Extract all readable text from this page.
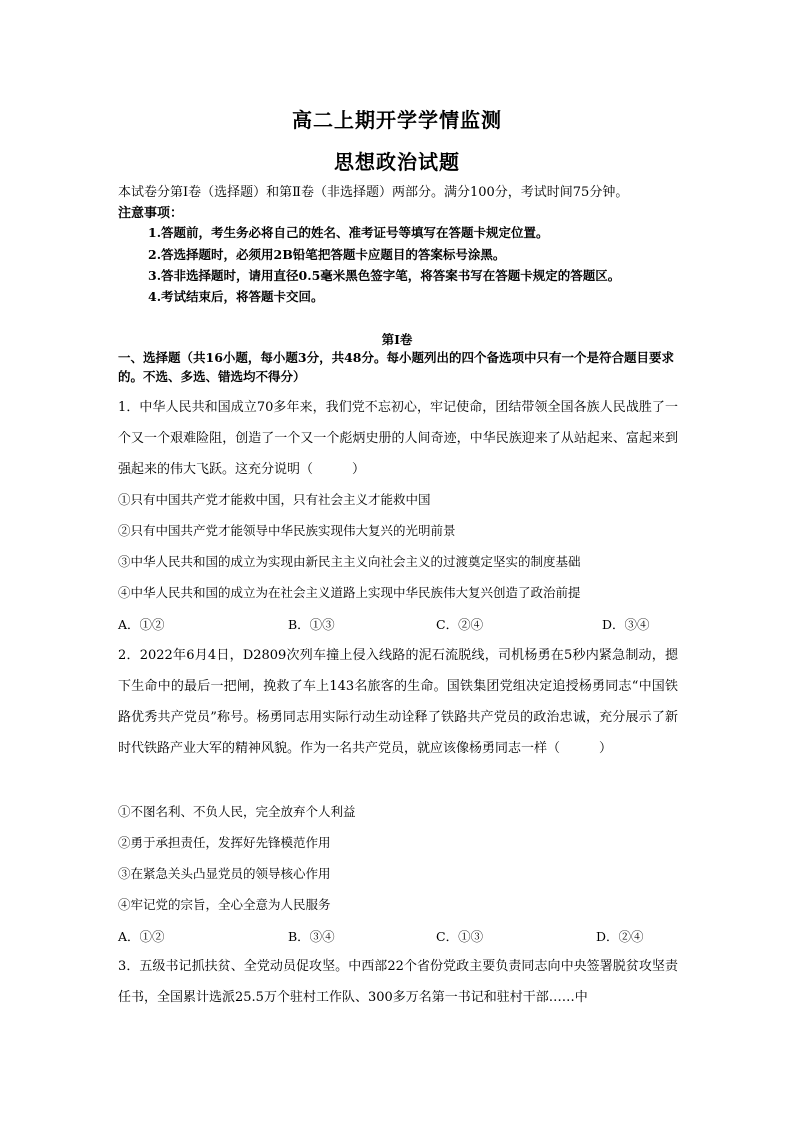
高二上期开学学情监测
思想政治试题
本试卷分第Ⅰ卷（选择题）和第Ⅱ卷（非选择题）两部分。满分100分，考试时间75分钟。
注意事项：
1.答题前，考生务必将自己的姓名、准考证号等填写在答题卡规定位置。
2.答选择题时，必须用2B铅笔把答题卡应题目的答案标号涂黑。
3.答非选择题时，请用直径0.5毫米黑色签字笔，将答案书写在答题卡规定的答题区。
4.考试结束后，将答题卡交回。
第Ⅰ卷
一、选择题（共16小题，每小题3分，共48分。每小题列出的四个备选项中只有一个是符合题目要求的。不选、多选、错选均不得分）
1．中华人民共和国成立70多年来，我们党不忘初心，牢记使命，团结带领全国各族人民战胜了一个又一个艰难险阻，创造了一个又一个彪炳史册的人间奇迹，中华民族迎来了从站起来、富起来到强起来的伟大飞跃。这充分说明（　　　）
①只有中国共产党才能救中国，只有社会主义才能救中国
②只有中国共产党才能领导中华民族实现伟大复兴的光明前景
③中华人民共和国的成立为实现由新民主主义向社会主义的过渡奠定坚实的制度基础
④中华人民共和国的成立为在社会主义道路上实现中华民族伟大复兴创造了政治前提
A．①②	B．①③	C．②④	D．③④
2．2022年6月4日，D2809次列车撞上侵入线路的泥石流脱线，司机杨勇在5秒内紧急制动，摁下生命中的最后一把闸，挽救了车上143名旅客的生命。国铁集团党组决定追授杨勇同志“中国铁路优秀共产党员”称号。杨勇同志用实际行动生动诠释了铁路共产党员的政治忠诚，充分展示了新时代铁路产业大军的精神风貌。作为一名共产党员，就应该像杨勇同志一样（　　　）
①不图名利、不负人民，完全放弃个人利益
②勇于承担责任，发挥好先锋模范作用
③在紧急关头凸显党员的领导核心作用
④牢记党的宗旨，全心全意为人民服务
A．①②	B．③④	C．①③	D．②④
3．五级书记抓扶贫、全党动员促攻坚。中西部22个省份党政主要负责同志向中央签署脱贫攻坚责任书，全国累计选派25.5万个驻村工作队、300多万名第一书记和驻村干部……中
